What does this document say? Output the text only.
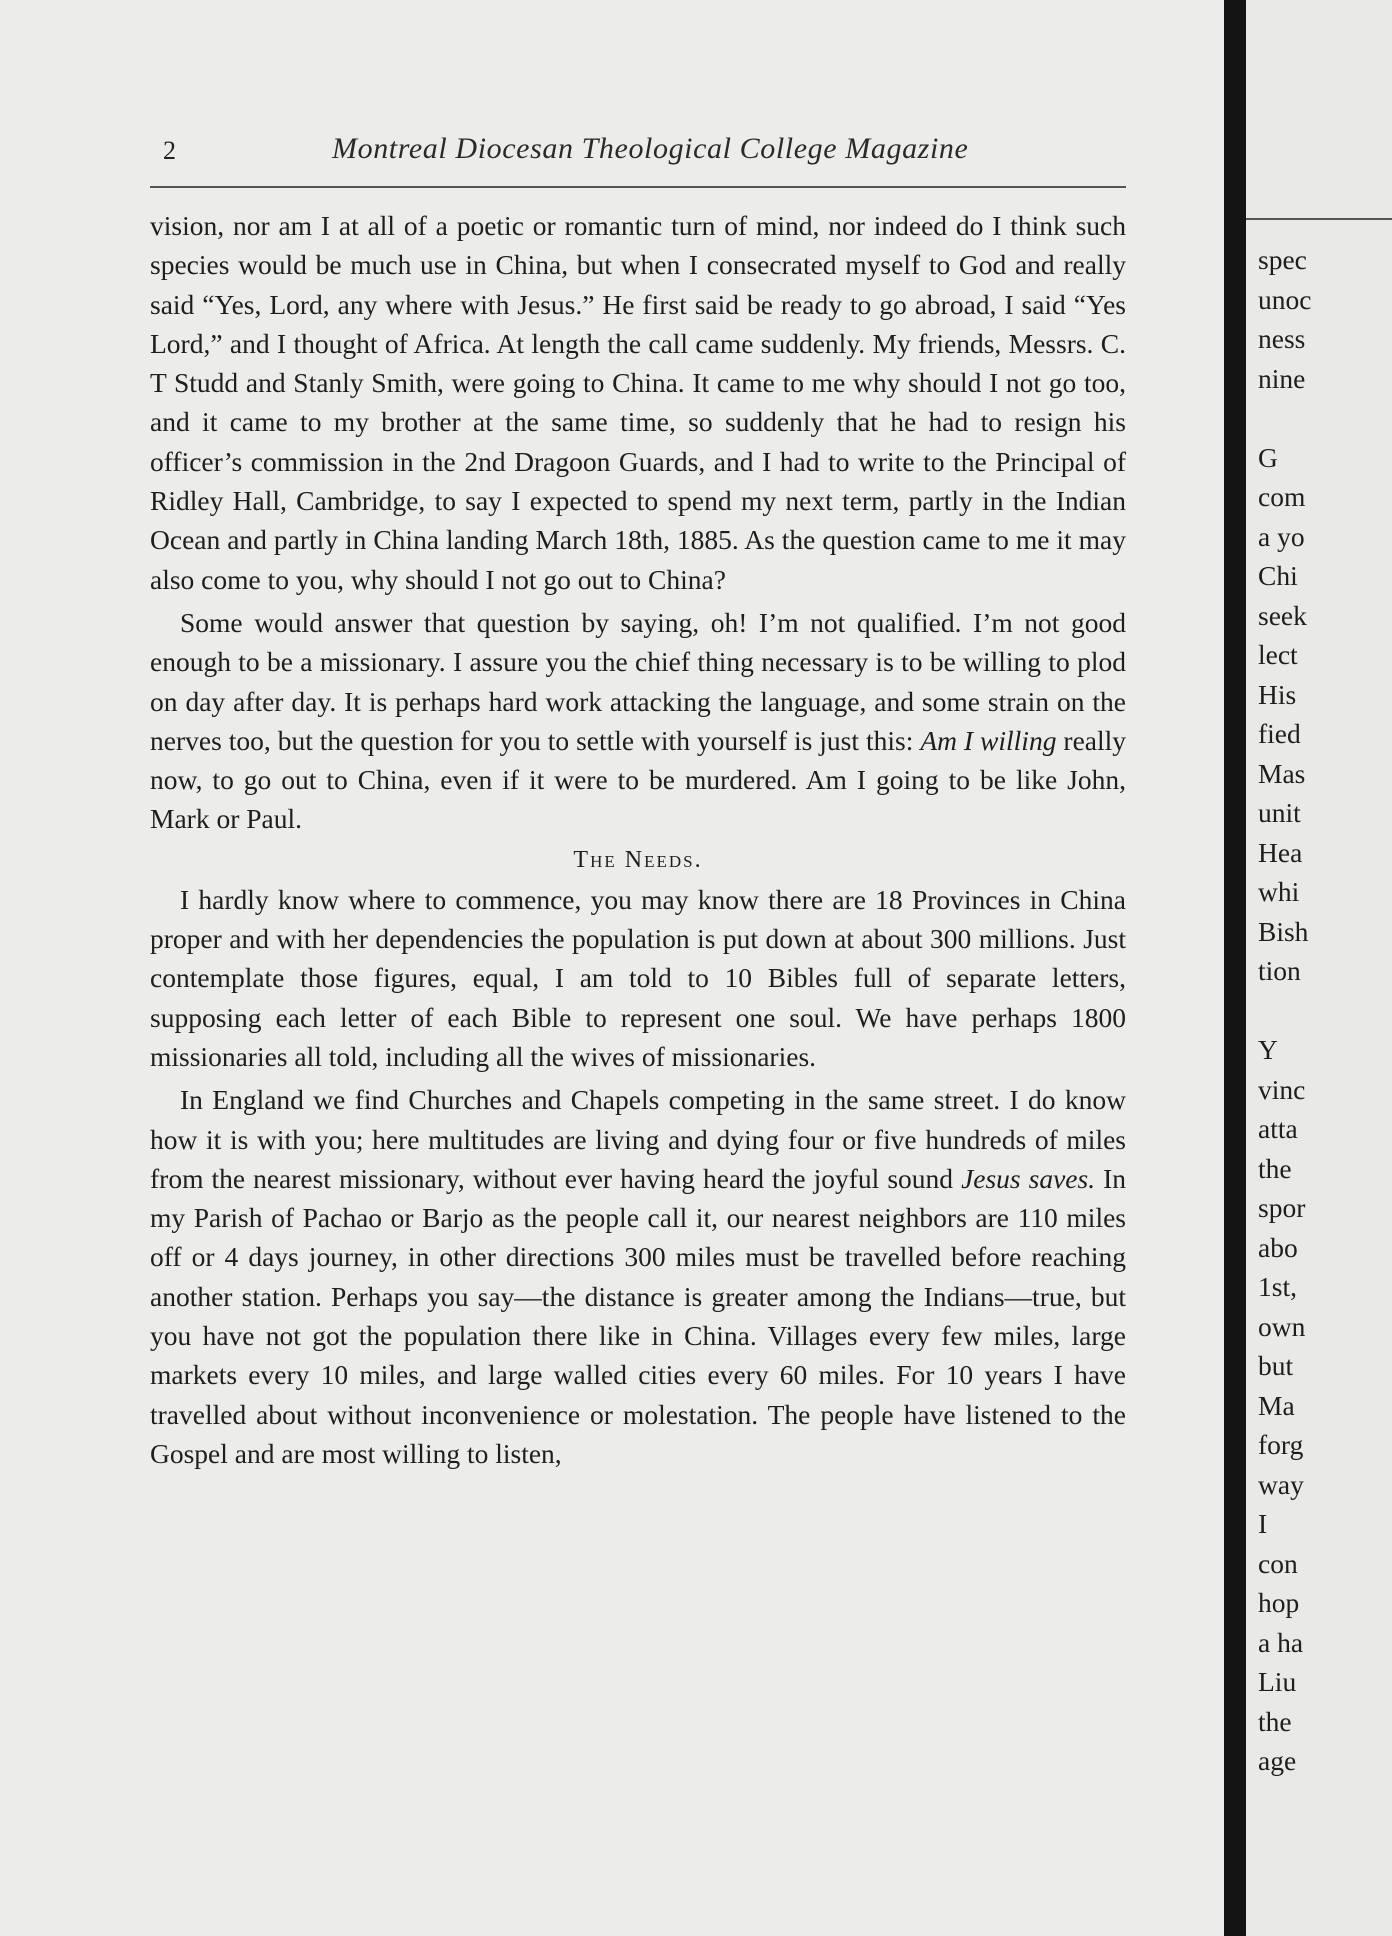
2	Montreal Diocesan Theological College Magazine

vision, nor am I at all of a poetic or romantic turn of mind, nor indeed do I think such species would be much use in China, but when I consecrated myself to God and really said “Yes, Lord, any where with Jesus.” He first said be ready to go abroad, I said “Yes Lord,” and I thought of Africa. At length the call came suddenly. My friends, Messrs. C. T Studd and Stanly Smith, were going to China. It came to me why should I not go too, and it came to my brother at the same time, so suddenly that he had to resign his officer’s commission in the 2nd Dragoon Guards, and I had to write to the Principal of Ridley Hall, Cambridge, to say I expected to spend my next term, partly in the Indian Ocean and partly in China landing March 18th, 1885. As the question came to me it may also come to you, why should I not go out to China?

Some would answer that question by saying, oh! I’m not qualified. I’m not good enough to be a missionary. I assure you the chief thing necessary is to be willing to plod on day after day. It is perhaps hard work attacking the language, and some strain on the nerves too, but the question for you to settle with yourself is just this: Am I willing really now, to go out to China, even if it were to be murdered. Am I going to be like John, Mark or Paul.

The Needs.

I hardly know where to commence, you may know there are 18 Provinces in China proper and with her dependencies the population is put down at about 300 millions. Just contemplate those figures, equal, I am told to 10 Bibles full of separate letters, supposing each letter of each Bible to represent one soul. We have perhaps 1800 missionaries all told, including all the wives of missionaries.

In England we find Churches and Chapels competing in the same street. I do know how it is with you; here multitudes are living and dying four or five hundreds of miles from the nearest missionary, without ever having heard the joyful sound Jesus saves. In my Parish of Pachao or Barjo as the people call it, our nearest neighbors are 110 miles off or 4 days journey, in other directions 300 miles must be travelled before reaching another station. Perhaps you say—the distance is greater among the Indians—true, but you have not got the population there like in China. Villages every few miles, large markets every 10 miles, and large walled cities every 60 miles. For 10 years I have travelled about without inconvenience or molestation. The people have listened to the Gospel and are most willing to listen,

spec
unoc
ness
nine
G
com
a yo
Chi
seek
lect
His
fied
Mas
unit
Hea
whi
Bish
tion
Y
vinc
atta
the
spor
abo
1st,
own
but
Ma
forg
way
I
con
hop
a ha
Liu
the
age
